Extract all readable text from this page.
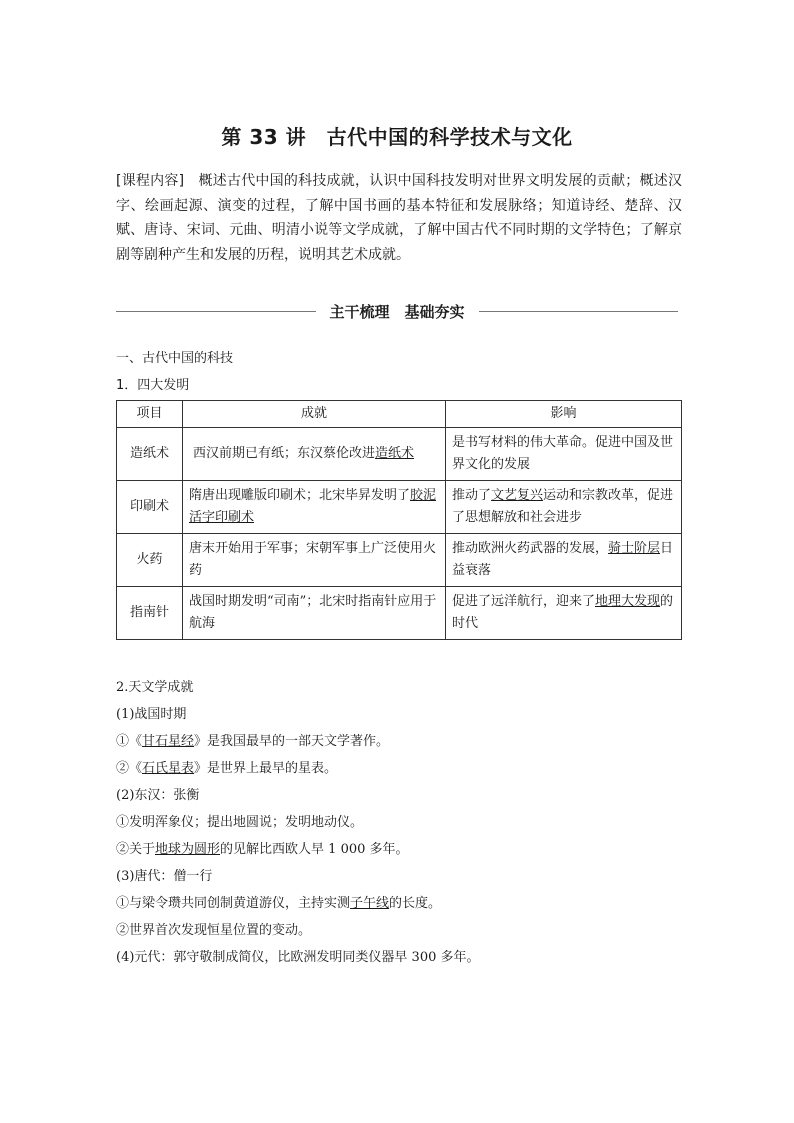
第 33 讲　古代中国的科学技术与文化
[课程内容]　概述古代中国的科技成就，认识中国科技发明对世界文明发展的贡献；概述汉字、绘画起源、演变的过程，了解中国书画的基本特征和发展脉络；知道诗经、楚辞、汉赋、唐诗、宋词、元曲、明清小说等文学成就，了解中国古代不同时期的文学特色；了解京剧等剧种产生和发展的历程，说明其艺术成就。
主干梳理　基础夯实
一、古代中国的科技
1．四大发明
项目	成就	影响
造纸术	西汉前期已有纸；东汉蔡伦改进造纸术	是书写材料的伟大革命。促进中国及世界文化的发展
印刷术	隋唐出现雕版印刷术；北宋毕昇发明了胶泥活字印刷术	推动了文艺复兴运动和宗教改革，促进了思想解放和社会进步
火药	唐末开始用于军事；宋朝军事上广泛使用火药	推动欧洲火药武器的发展，骑士阶层日益衰落
指南针	战国时期发明“司南”；北宋时指南针应用于航海	促进了远洋航行，迎来了地理大发现的时代
2.天文学成就
(1)战国时期
①《甘石星经》是我国最早的一部天文学著作。
②《石氏星表》是世界上最早的星表。
(2)东汉：张衡
①发明浑象仪；提出地圆说；发明地动仪。
②关于地球为圆形的见解比西欧人早 1 000 多年。
(3)唐代：僧一行
①与梁令瓒共同创制黄道游仪，主持实测子午线的长度。
②世界首次发现恒星位置的变动。
(4)元代：郭守敬制成简仪，比欧洲发明同类仪器早 300 多年。
